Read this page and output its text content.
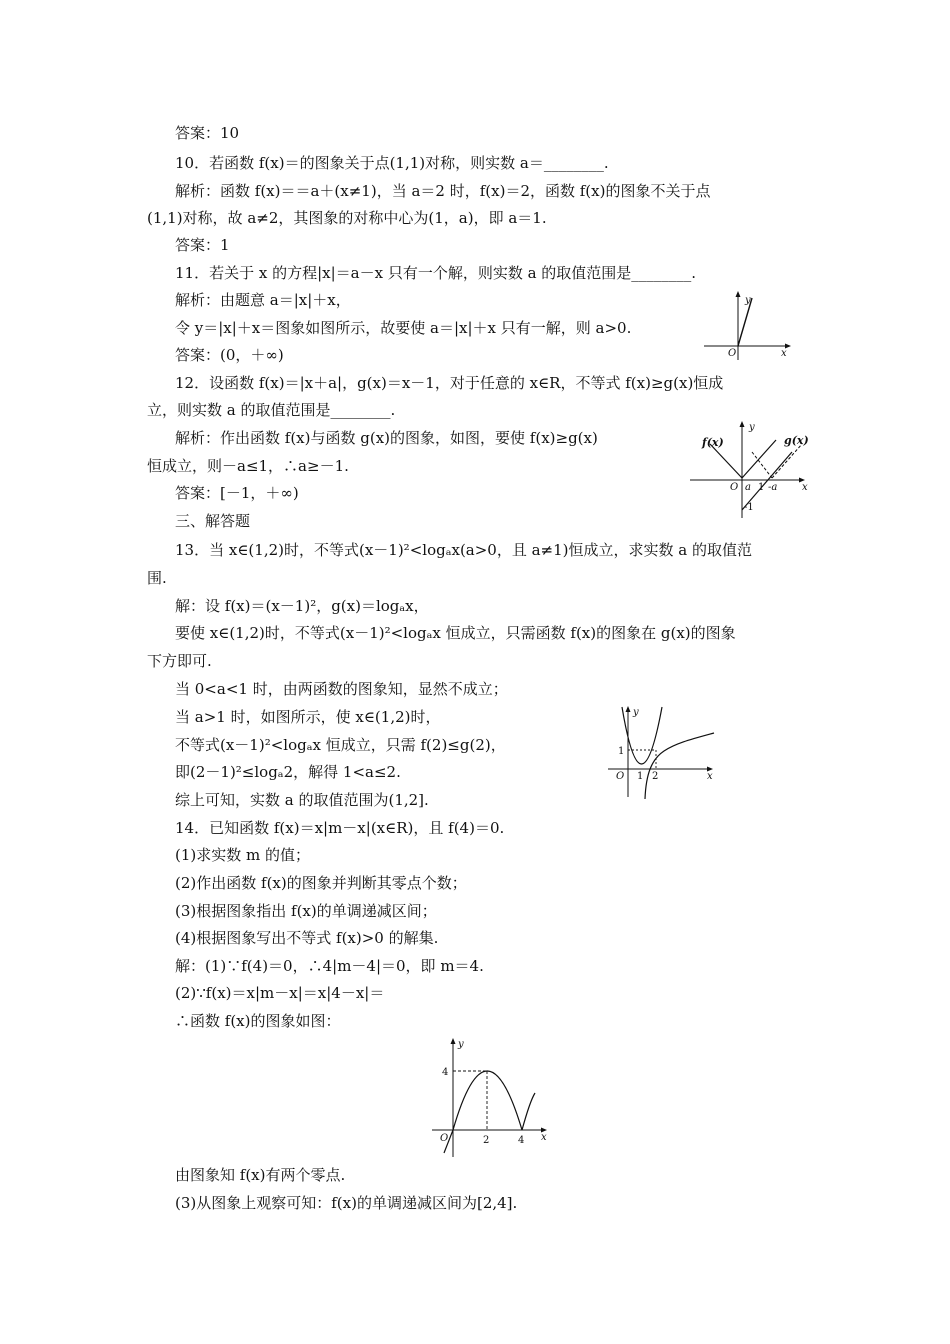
答案：10
10．若函数 f(x)＝的图象关于点(1,1)对称，则实数 a＝________.
解析：函数 f(x)＝＝a＋(x≠1)，当 a＝2 时，f(x)＝2，函数 f(x)的图象不关于点
(1,1)对称，故 a≠2，其图象的对称中心为(1，a)，即 a＝1.
答案：1
11．若关于 x 的方程|x|＝a－x 只有一个解，则实数 a 的取值范围是________.
解析：由题意 a＝|x|＋x，
令 y＝|x|＋x＝图象如图所示，故要使 a＝|x|＋x 只有一解，则 a>0.
答案：(0，＋∞)
12．设函数 f(x)＝|x＋a|，g(x)＝x－1，对于任意的 x∈R，不等式 f(x)≥g(x)恒成
立，则实数 a 的取值范围是________.
解析：作出函数 f(x)与函数 g(x)的图象，如图，要使 f(x)≥g(x)
恒成立，则－a≤1，∴a≥－1.
答案：[－1，＋∞)
三、解答题
13．当 x∈(1,2)时，不等式(x－1)²<logₐx(a>0，且 a≠1)恒成立，求实数 a 的取值范
围.
解：设 f(x)＝(x－1)²，g(x)＝logₐx，
要使 x∈(1,2)时，不等式(x－1)²<logₐx 恒成立，只需函数 f(x)的图象在 g(x)的图象
下方即可.
当 0<a<1 时，由两函数的图象知，显然不成立；
当 a>1 时，如图所示，使 x∈(1,2)时，
不等式(x－1)²<logₐx 恒成立，只需 f(2)≤g(2)，
即(2－1)²≤logₐ2，解得 1<a≤2.
综上可知，实数 a 的取值范围为(1,2].
14．已知函数 f(x)＝x|m－x|(x∈R)，且 f(4)＝0.
(1)求实数 m 的值；
(2)作出函数 f(x)的图象并判断其零点个数；
(3)根据图象指出 f(x)的单调递减区间；
(4)根据图象写出不等式 f(x)>0 的解集.
解：(1)∵f(4)＝0，∴4|m－4|＝0，即 m＝4.
(2)∵f(x)＝x|m－x|＝x|4－x|＝
∴函数 f(x)的图象如图：
由图象知 f(x)有两个零点.
(3)从图象上观察可知：f(x)的单调递减区间为[2,4].
y
x
O
y
x
O
f(x)	g(x)
a 1 -a
-1
y
x
O
1
1 2
y
x
O
4
2	4
